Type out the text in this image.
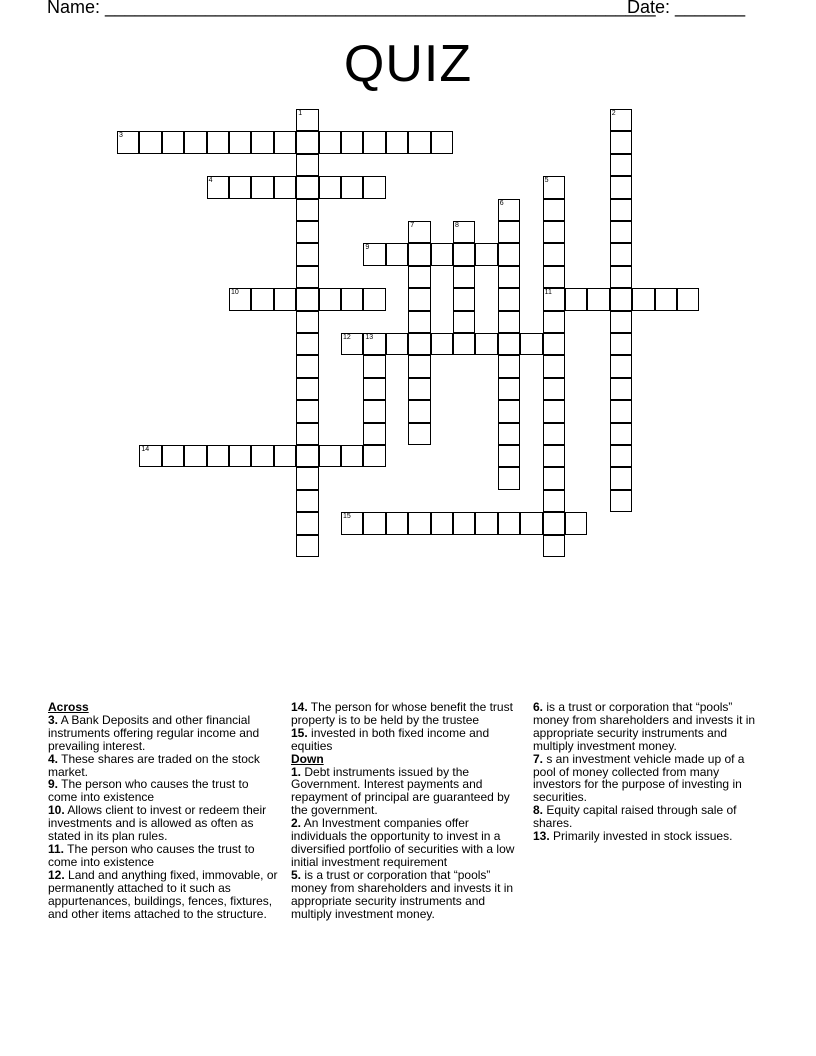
Name: _______________________________________________________
Date: _______
QUIZ
1	2
3
4	5
11
6
7	8
9
10
12 13
14
15
Across
3. A Bank Deposits and other financial instruments offering regular income and prevailing interest.
4. These shares are traded on the stock market.
9. The person who causes the trust to come into existence
10. Allows client to invest or redeem their investments and is allowed as often as stated in its plan rules.
11. The person who causes the trust to come into existence
12. Land and anything fixed, immovable, or permanently attached to it such as appurtenances, buildings, fences, fixtures, and other items attached to the structure.
14. The person for whose benefit the trust property is to be held by the trustee
15. invested in both fixed income and equities
Down
1. Debt instruments issued by the Government. Interest payments and repayment of principal are guaranteed by the government.
2. An Investment companies offer individuals the opportunity to invest in a diversified portfolio of securities with a low initial investment requirement
5. is a trust or corporation that “pools” money from shareholders and invests it in appropriate security instruments and multiply investment money.
6. is a trust or corporation that “pools” money from shareholders and invests it in appropriate security instruments and multiply investment money.
7. s an investment vehicle made up of a pool of money collected from many investors for the purpose of investing in securities.
8. Equity capital raised through sale of shares.
13. Primarily invested in stock issues.
